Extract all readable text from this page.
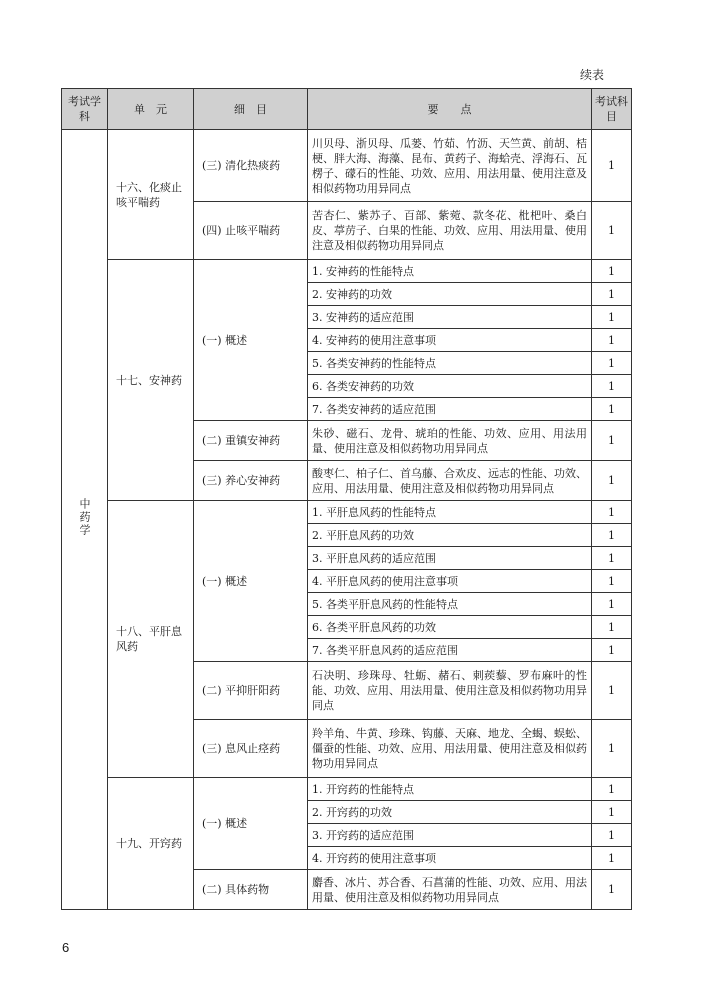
续表
考试学科	单　元	细　目	要　　点	考试科目
中药学	十六、化痰止咳平喘药	(三) 清化热痰药	川贝母、浙贝母、瓜蒌、竹茹、竹沥、天竺黄、前胡、桔梗、胖大海、海藻、昆布、黄药子、海蛤壳、浮海石、瓦楞子、礞石的性能、功效、应用、用法用量、使用注意及相似药物功用异同点	1
		(四) 止咳平喘药	苦杏仁、紫苏子、百部、紫菀、款冬花、枇杷叶、桑白皮、葶苈子、白果的性能、功效、应用、用法用量、使用注意及相似药物功用异同点	1
	十七、安神药	(一) 概述	1. 安神药的性能特点	1
			2. 安神药的功效	1
			3. 安神药的适应范围	1
			4. 安神药的使用注意事项	1
			5. 各类安神药的性能特点	1
			6. 各类安神药的功效	1
			7. 各类安神药的适应范围	1
		(二) 重镇安神药	朱砂、磁石、龙骨、琥珀的性能、功效、应用、用法用量、使用注意及相似药物功用异同点	1
		(三) 养心安神药	酸枣仁、柏子仁、首乌藤、合欢皮、远志的性能、功效、应用、用法用量、使用注意及相似药物功用异同点	1
	十八、平肝息风药	(一) 概述	1. 平肝息风药的性能特点	1
			2. 平肝息风药的功效	1
			3. 平肝息风药的适应范围	1
			4. 平肝息风药的使用注意事项	1
			5. 各类平肝息风药的性能特点	1
			6. 各类平肝息风药的功效	1
			7. 各类平肝息风药的适应范围	1
		(二) 平抑肝阳药	石决明、珍珠母、牡蛎、赭石、刺蒺藜、罗布麻叶的性能、功效、应用、用法用量、使用注意及相似药物功用异同点	1
		(三) 息风止痉药	羚羊角、牛黄、珍珠、钩藤、天麻、地龙、全蝎、蜈蚣、僵蚕的性能、功效、应用、用法用量、使用注意及相似药物功用异同点	1
	十九、开窍药	(一) 概述	1. 开窍药的性能特点	1
			2. 开窍药的功效	1
			3. 开窍药的适应范围	1
			4. 开窍药的使用注意事项	1
		(二) 具体药物	麝香、冰片、苏合香、石菖蒲的性能、功效、应用、用法用量、使用注意及相似药物功用异同点	1
6
